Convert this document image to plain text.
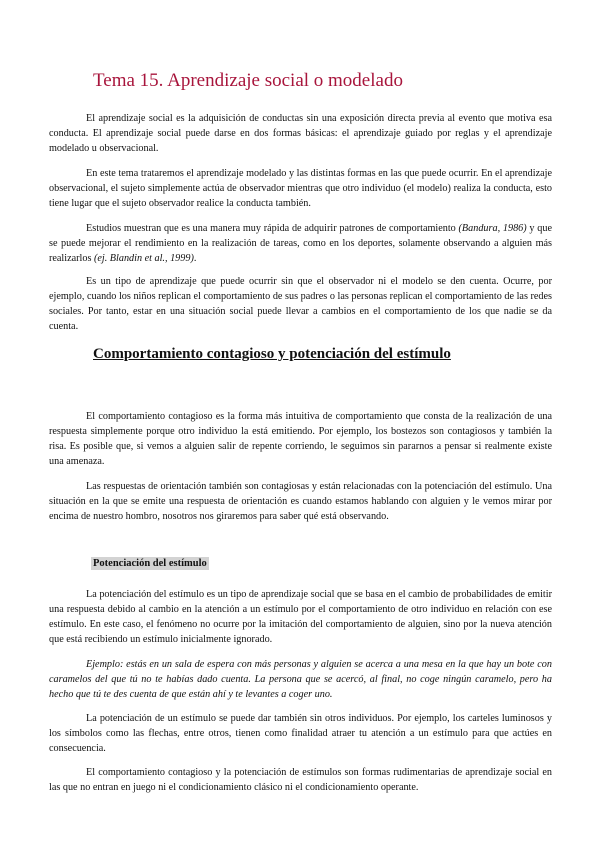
Tema 15. Aprendizaje social o modelado

El aprendizaje social es la adquisición de conductas sin una exposición directa previa al evento que motiva esa conducta. El aprendizaje social puede darse en dos formas básicas: el aprendizaje guiado por reglas y el aprendizaje modelado u observacional.

En este tema trataremos el aprendizaje modelado y las distintas formas en las que puede ocurrir. En el aprendizaje observacional, el sujeto simplemente actúa de observador mientras que otro individuo (el modelo) realiza la conducta, esto tiene lugar que el sujeto observador realice la conducta también.

Estudios muestran que es una manera muy rápida de adquirir patrones de comportamiento (Bandura, 1986) y que se puede mejorar el rendimiento en la realización de tareas, como en los deportes, solamente observando a alguien más realizarlos (ej. Blandin et al., 1999).

Es un tipo de aprendizaje que puede ocurrir sin que el observador ni el modelo se den cuenta. Ocurre, por ejemplo, cuando los niños replican el comportamiento de sus padres o las personas replican el comportamiento de las redes sociales. Por tanto, estar en una situación social puede llevar a cambios en el comportamiento de los que nadie se da cuenta.

Comportamiento contagioso y potenciación del estímulo

El comportamiento contagioso es la forma más intuitiva de comportamiento que consta de la realización de una respuesta simplemente porque otro individuo la está emitiendo. Por ejemplo, los bostezos son contagiosos y también la risa. Es posible que, si vemos a alguien salir de repente corriendo, le seguimos sin pararnos a pensar si realmente existe una amenaza.

Las respuestas de orientación también son contagiosas y están relacionadas con la potenciación del estímulo. Una situación en la que se emite una respuesta de orientación es cuando estamos hablando con alguien y le vemos mirar por encima de nuestro hombro, nosotros nos giraremos para saber qué está observando.

Potenciación del estímulo

La potenciación del estímulo es un tipo de aprendizaje social que se basa en el cambio de probabilidades de emitir una respuesta debido al cambio en la atención a un estímulo por el comportamiento de otro individuo en relación con ese estímulo. En este caso, el fenómeno no ocurre por la imitación del comportamiento de alguien, sino por la nueva atención que está recibiendo un estímulo inicialmente ignorado.

Ejemplo: estás en un sala de espera con más personas y alguien se acerca a una mesa en la que hay un bote con caramelos del que tú no te habías dado cuenta. La persona que se acercó, al final, no coge ningún caramelo, pero ha hecho que tú te des cuenta de que están ahí y te levantes a coger uno.

La potenciación de un estímulo se puede dar también sin otros individuos. Por ejemplo, los carteles luminosos y los símbolos como las flechas, entre otros, tienen como finalidad atraer tu atención a un estímulo para que actúes en consecuencia.

El comportamiento contagioso y la potenciación de estímulos son formas rudimentarias de aprendizaje social en las que no entran en juego ni el condicionamiento clásico ni el condicionamiento operante.
